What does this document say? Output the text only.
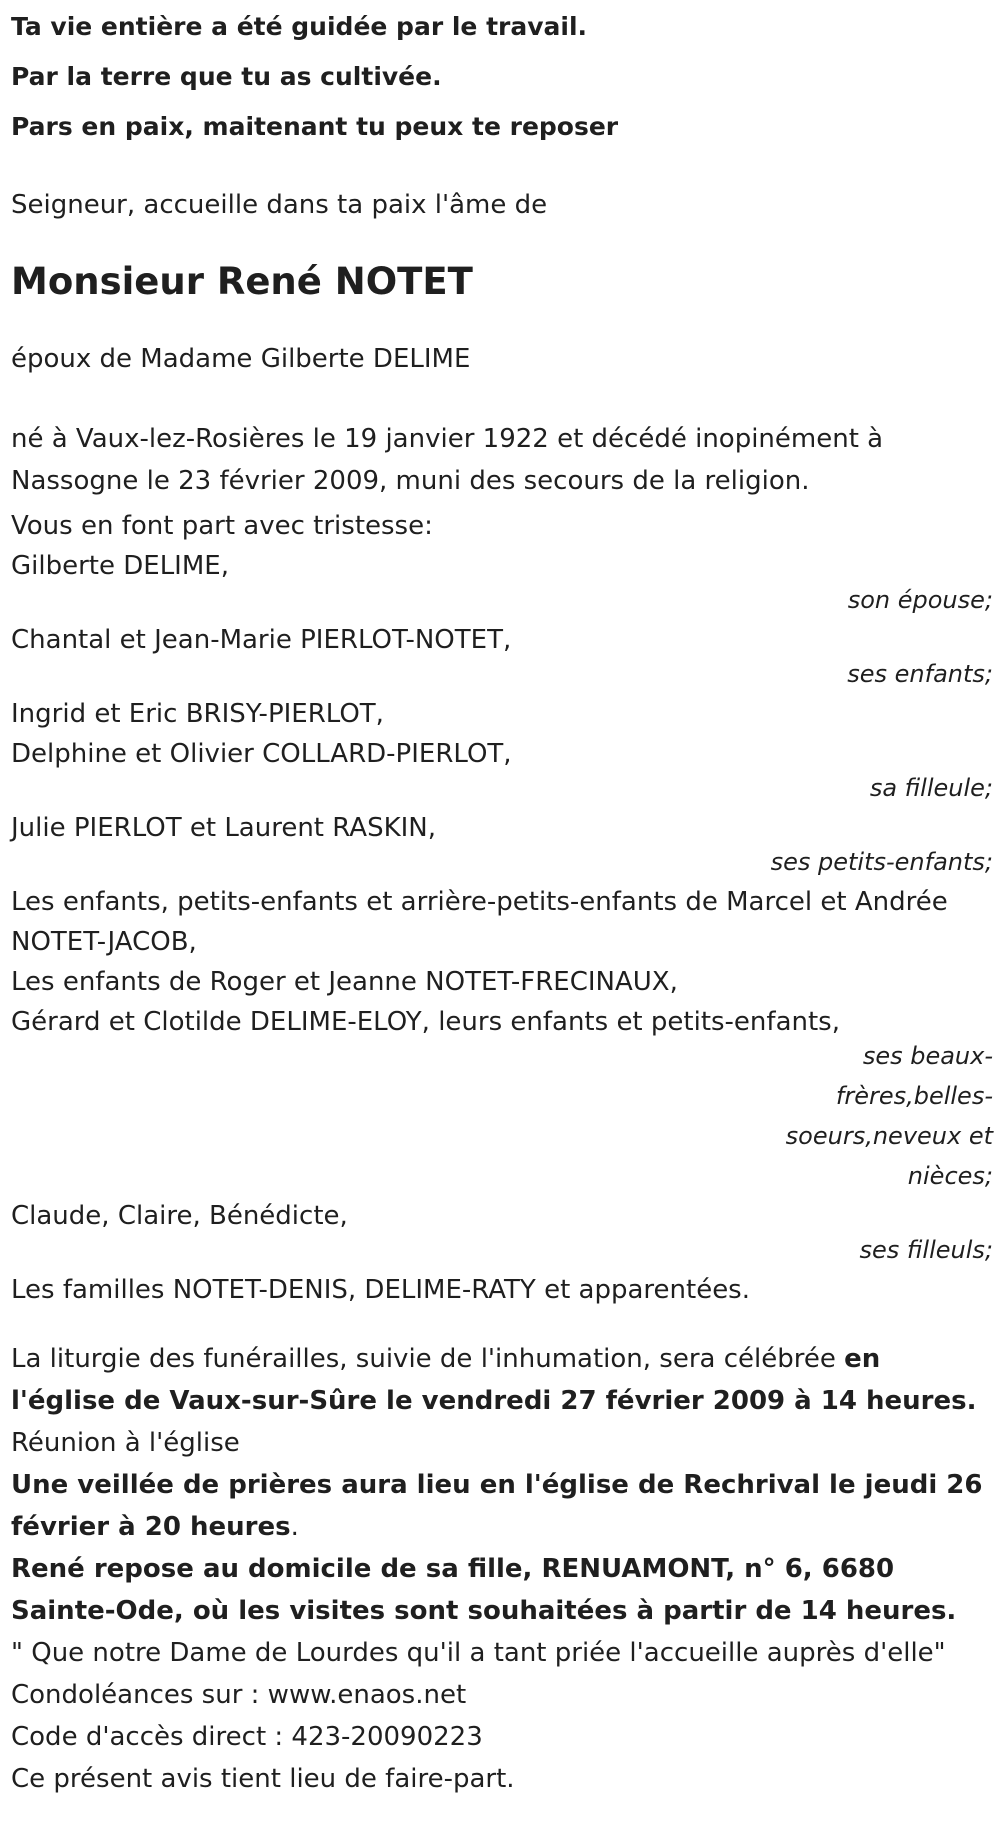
Ta vie entière a été guidée par le travail.

Par la terre que tu as cultivée.

Pars en paix, maitenant tu peux te reposer

Seigneur, accueille dans ta paix l'âme de

Monsieur René NOTET

époux de Madame Gilberte DELIME

né à Vaux-lez-Rosières le 19 janvier 1922 et décédé inopinément à Nassogne le 23 février 2009, muni des secours de la religion.

Vous en font part avec tristesse:

Gilberte DELIME,
son épouse;
Chantal et Jean-Marie PIERLOT-NOTET,
ses enfants;
Ingrid et Eric BRISY-PIERLOT,
Delphine et Olivier COLLARD-PIERLOT,
sa filleule;
Julie PIERLOT et Laurent RASKIN,
ses petits-enfants;
Les enfants, petits-enfants et arrière-petits-enfants de Marcel et Andrée NOTET-JACOB,
Les enfants de Roger et Jeanne NOTET-FRECINAUX,
Gérard et Clotilde DELIME-ELOY, leurs enfants et petits-enfants,
ses beaux-frères,belles-soeurs,neveux et nièces;
Claude, Claire, Bénédicte,
ses filleuls;
Les familles NOTET-DENIS, DELIME-RATY et apparentées.

La liturgie des funérailles, suivie de l'inhumation, sera célébrée en l'église de Vaux-sur-Sûre le vendredi 27 février 2009 à 14 heures.

Réunion à l'église

Une veillée de prières aura lieu en l'église de Rechrival le jeudi 26 février à 20 heures.

René repose au domicile de sa fille, RENUAMONT, n° 6, 6680 Sainte-Ode, où les visites sont souhaitées à partir de 14 heures.

" Que notre Dame de Lourdes qu'il a tant priée l'accueille auprès d'elle"

Condoléances sur : www.enaos.net

Code d'accès direct : 423-20090223

Ce présent avis tient lieu de faire-part.
